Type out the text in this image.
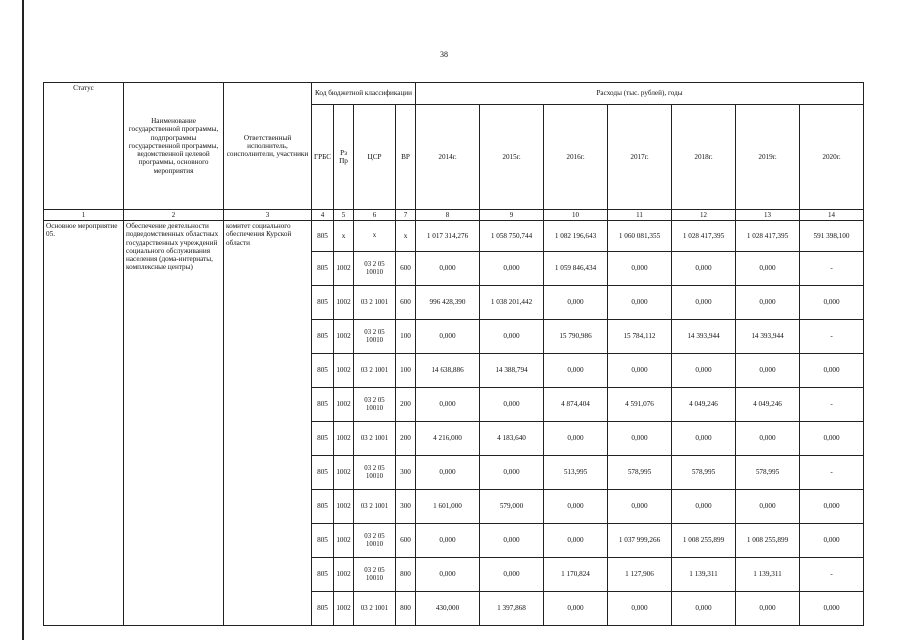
38
Статус	Наименование государственной программы, подпрограммы государственной программы, ведомственной целевой программы, основного мероприятия	Ответственный исполнитель, соисполнители, участники	Код бюджетной классификации				Расходы (тыс. рублей), годы						
			ГРБС	Рз Пр	ЦСР	ВР	2014г.	2015г.	2016г.	2017г.	2018г.	2019г.	2020г.
1	2	3	4	5	6	7	8	9	10	11	12	13	14
Основное мероприятие 05.	Обеспечение деятельности подведомственных областных государственных учреждений социального обслуживания населения (дома-интернаты, комплексные центры)	комитет социального обеспечения Курской области	805	х	х	х	1 017 314,276	1 058 750,744	1 082 196,643	1 060 081,355	1 028 417,395	1 028 417,395	591 398,100
			805	1002	03 2 05 10010	600	0,000	0,000	1 059 846,434	0,000	0,000	0,000	-
			805	1002	03 2 1001	600	996 428,390	1 038 201,442	0,000	0,000	0,000	0,000	0,000
			805	1002	03 2 05 10010	100	0,000	0,000	15 790,986	15 784,112	14 393,944	14 393,944	-
			805	1002	03 2 1001	100	14 638,886	14 388,794	0,000	0,000	0,000	0,000	0,000
			805	1002	03 2 05 10010	200	0,000	0,000	4 874,404	4 591,076	4 049,246	4 049,246	-
			805	1002	03 2 1001	200	4 216,000	4 183,640	0,000	0,000	0,000	0,000	0,000
			805	1002	03 2 05 10010	300	0,000	0,000	513,995	578,995	578,995	578,995	-
			805	1002	03 2 1001	300	1 601,000	579,000	0,000	0,000	0,000	0,000	0,000
			805	1002	03 2 05 10010	600	0,000	0,000	0,000	1 037 999,266	1 008 255,899	1 008 255,899	0,000
			805	1002	03 2 05 10010	800	0,000	0,000	1 170,824	1 127,906	1 139,311	1 139,311	-
			805	1002	03 2 1001	800	430,000	1 397,868	0,000	0,000	0,000	0,000	0,000
